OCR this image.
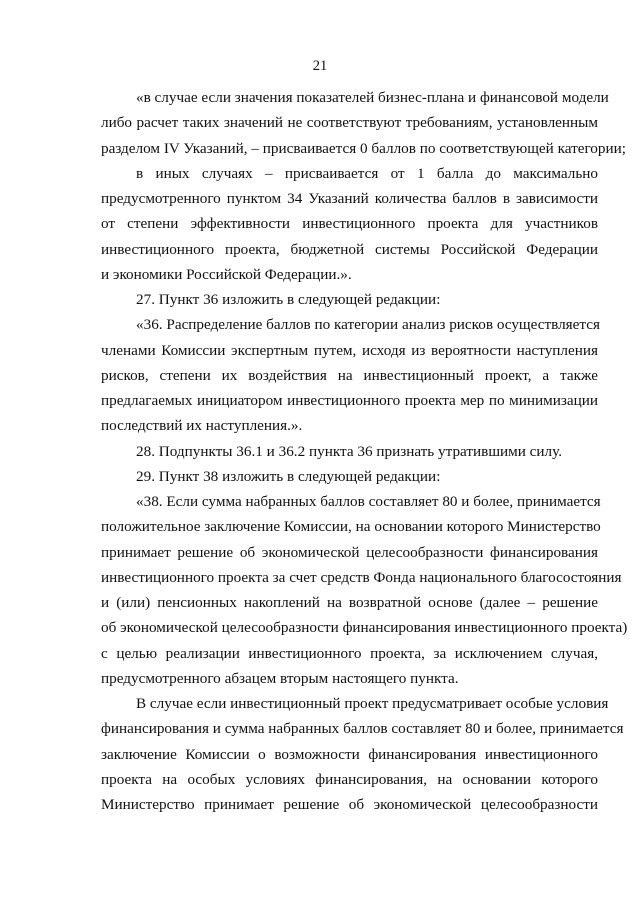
21
«в случае если значения показателей бизнес-плана и финансовой модели
либо расчет таких значений не соответствуют требованиям, установленным
разделом IV Указаний, – присваивается 0 баллов по соответствующей категории;
в иных случаях – присваивается от 1 балла до максимально
предусмотренного пунктом 34 Указаний количества баллов в зависимости
от степени эффективности инвестиционного проекта для участников
инвестиционного проекта, бюджетной системы Российской Федерации
и экономики Российской Федерации.».
27. Пункт 36 изложить в следующей редакции:
«36. Распределение баллов по категории анализ рисков осуществляется
членами Комиссии экспертным путем, исходя из вероятности наступления
рисков, степени их воздействия на инвестиционный проект, а также
предлагаемых инициатором инвестиционного проекта мер по минимизации
последствий их наступления.».
28. Подпункты 36.1 и 36.2 пункта 36 признать утратившими силу.
29. Пункт 38 изложить в следующей редакции:
«38. Если сумма набранных баллов составляет 80 и более, принимается
положительное заключение Комиссии, на основании которого Министерство
принимает решение об экономической целесообразности финансирования
инвестиционного проекта за счет средств Фонда национального благосостояния
и (или) пенсионных накоплений на возвратной основе (далее – решение
об экономической целесообразности финансирования инвестиционного проекта)
с целью реализации инвестиционного проекта, за исключением случая,
предусмотренного абзацем вторым настоящего пункта.
В случае если инвестиционный проект предусматривает особые условия
финансирования и сумма набранных баллов составляет 80 и более, принимается
заключение Комиссии о возможности финансирования инвестиционного
проекта на особых условиях финансирования, на основании которого
Министерство принимает решение об экономической целесообразности
